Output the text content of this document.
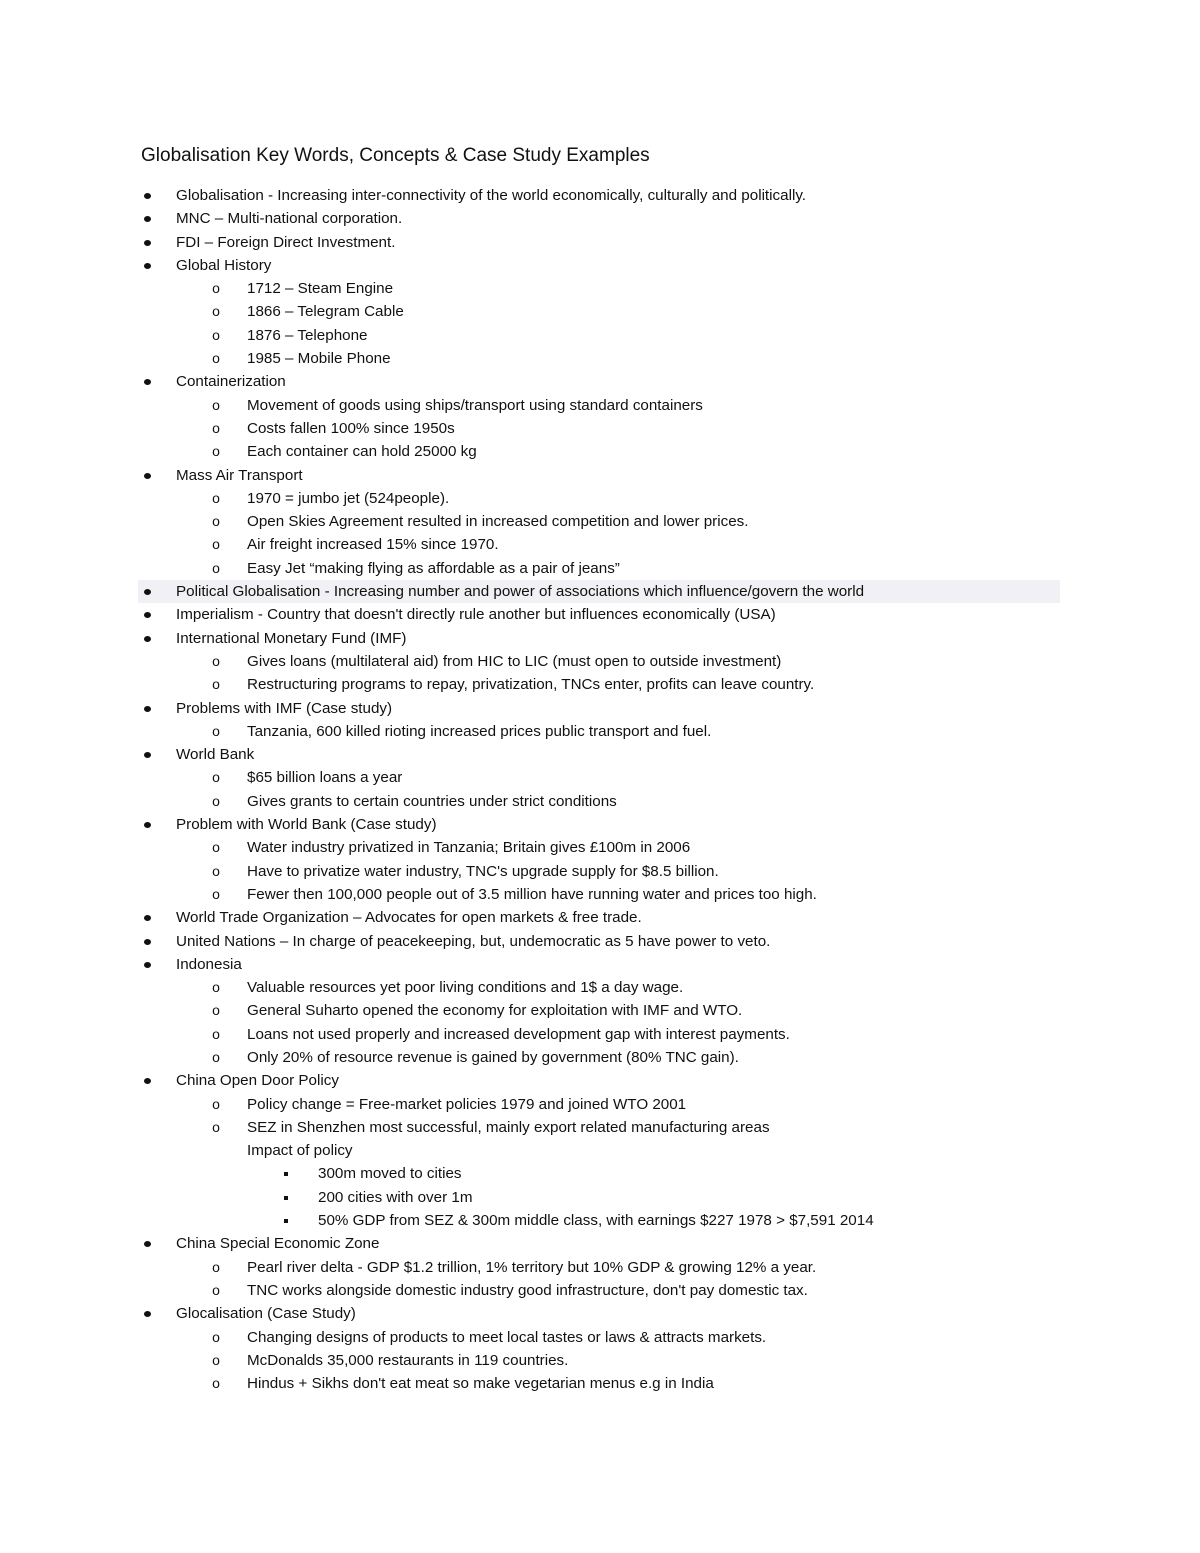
Globalisation Key Words, Concepts & Case Study Examples
Globalisation - Increasing inter-connectivity of the world economically, culturally and politically.
MNC – Multi-national corporation.
FDI – Foreign Direct Investment.
Global History
o 1712 – Steam Engine
o 1866 – Telegram Cable
o 1876 – Telephone
o 1985 – Mobile Phone
Containerization
o Movement of goods using ships/transport using standard containers
o Costs fallen 100% since 1950s
o Each container can hold 25000 kg
Mass Air Transport
o 1970 = jumbo jet (524people).
o Open Skies Agreement resulted in increased competition and lower prices.
o Air freight increased 15% since 1970.
o Easy Jet “making flying as affordable as a pair of jeans”
Political Globalisation - Increasing number and power of associations which influence/govern the world
Imperialism - Country that doesn't directly rule another but influences economically (USA)
International Monetary Fund (IMF)
o Gives loans (multilateral aid) from HIC to LIC (must open to outside investment)
o Restructuring programs to repay, privatization, TNCs enter, profits can leave country.
Problems with IMF (Case study)
o Tanzania, 600 killed rioting increased prices public transport and fuel.
World Bank
o $65 billion loans a year
o Gives grants to certain countries under strict conditions
Problem with World Bank (Case study)
o Water industry privatized in Tanzania; Britain gives £100m in 2006
o Have to privatize water industry, TNC's upgrade supply for $8.5 billion.
o Fewer then 100,000 people out of 3.5 million have running water and prices too high.
World Trade Organization – Advocates for open markets & free trade.
United Nations – In charge of peacekeeping, but, undemocratic as 5 have power to veto.
Indonesia
o Valuable resources yet poor living conditions and 1$ a day wage.
o General Suharto opened the economy for exploitation with IMF and WTO.
o Loans not used properly and increased development gap with interest payments.
o Only 20% of resource revenue is gained by government (80% TNC gain).
China Open Door Policy
o Policy change = Free-market policies 1979 and joined WTO 2001
o SEZ in Shenzhen most successful, mainly export related manufacturing areas
Impact of policy
300m moved to cities
200 cities with over 1m
50% GDP from SEZ & 300m middle class, with earnings $227 1978 > $7,591 2014
China Special Economic Zone
o Pearl river delta - GDP $1.2 trillion, 1% territory but 10% GDP & growing 12% a year.
o TNC works alongside domestic industry good infrastructure, don't pay domestic tax.
Glocalisation (Case Study)
o Changing designs of products to meet local tastes or laws & attracts markets.
o McDonalds 35,000 restaurants in 119 countries.
o Hindus + Sikhs don't eat meat so make vegetarian menus e.g in India
